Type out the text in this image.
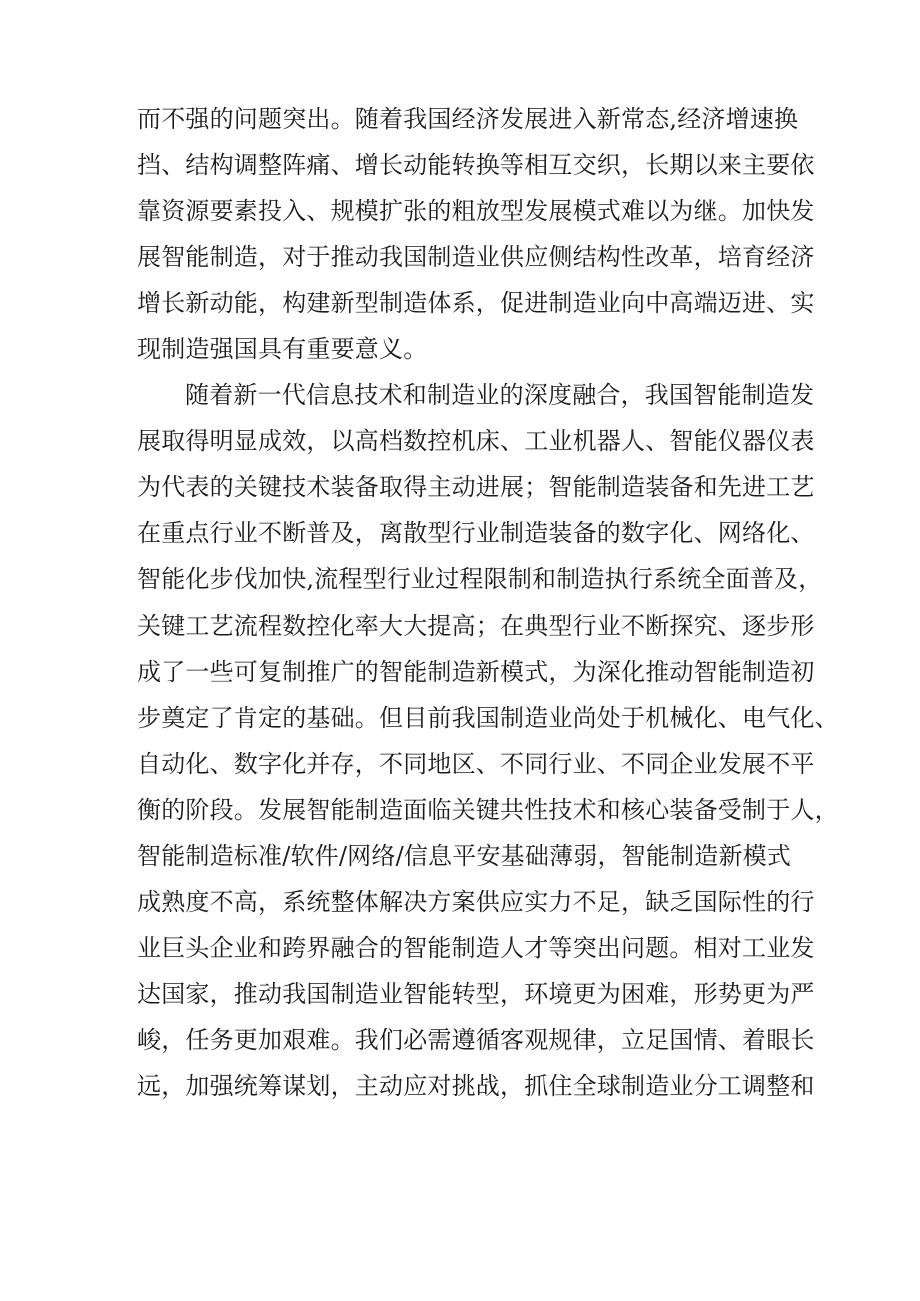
而不强的问题突出。随着我国经济发展进入新常态,经济增速换
挡、结构调整阵痛、增长动能转换等相互交织，长期以来主要依
靠资源要素投入、规模扩张的粗放型发展模式难以为继。加快发
展智能制造，对于推动我国制造业供应侧结构性改革，培育经济
增长新动能，构建新型制造体系，促进制造业向中高端迈进、实
现制造强国具有重要意义。
随着新一代信息技术和制造业的深度融合，我国智能制造发
展取得明显成效，以高档数控机床、工业机器人、智能仪器仪表
为代表的关键技术装备取得主动进展；智能制造装备和先进工艺
在重点行业不断普及，离散型行业制造装备的数字化、网络化、
智能化步伐加快,流程型行业过程限制和制造执行系统全面普及，
关键工艺流程数控化率大大提高；在典型行业不断探究、逐步形
成了一些可复制推广的智能制造新模式，为深化推动智能制造初
步奠定了肯定的基础。但目前我国制造业尚处于机械化、电气化、
自动化、数字化并存，不同地区、不同行业、不同企业发展不平
衡的阶段。发展智能制造面临关键共性技术和核心装备受制于人，
智能制造标准/软件/网络/信息平安基础薄弱，智能制造新模式
成熟度不高，系统整体解决方案供应实力不足，缺乏国际性的行
业巨头企业和跨界融合的智能制造人才等突出问题。相对工业发
达国家，推动我国制造业智能转型，环境更为困难，形势更为严
峻，任务更加艰难。我们必需遵循客观规律，立足国情、着眼长
远，加强统筹谋划，主动应对挑战，抓住全球制造业分工调整和
